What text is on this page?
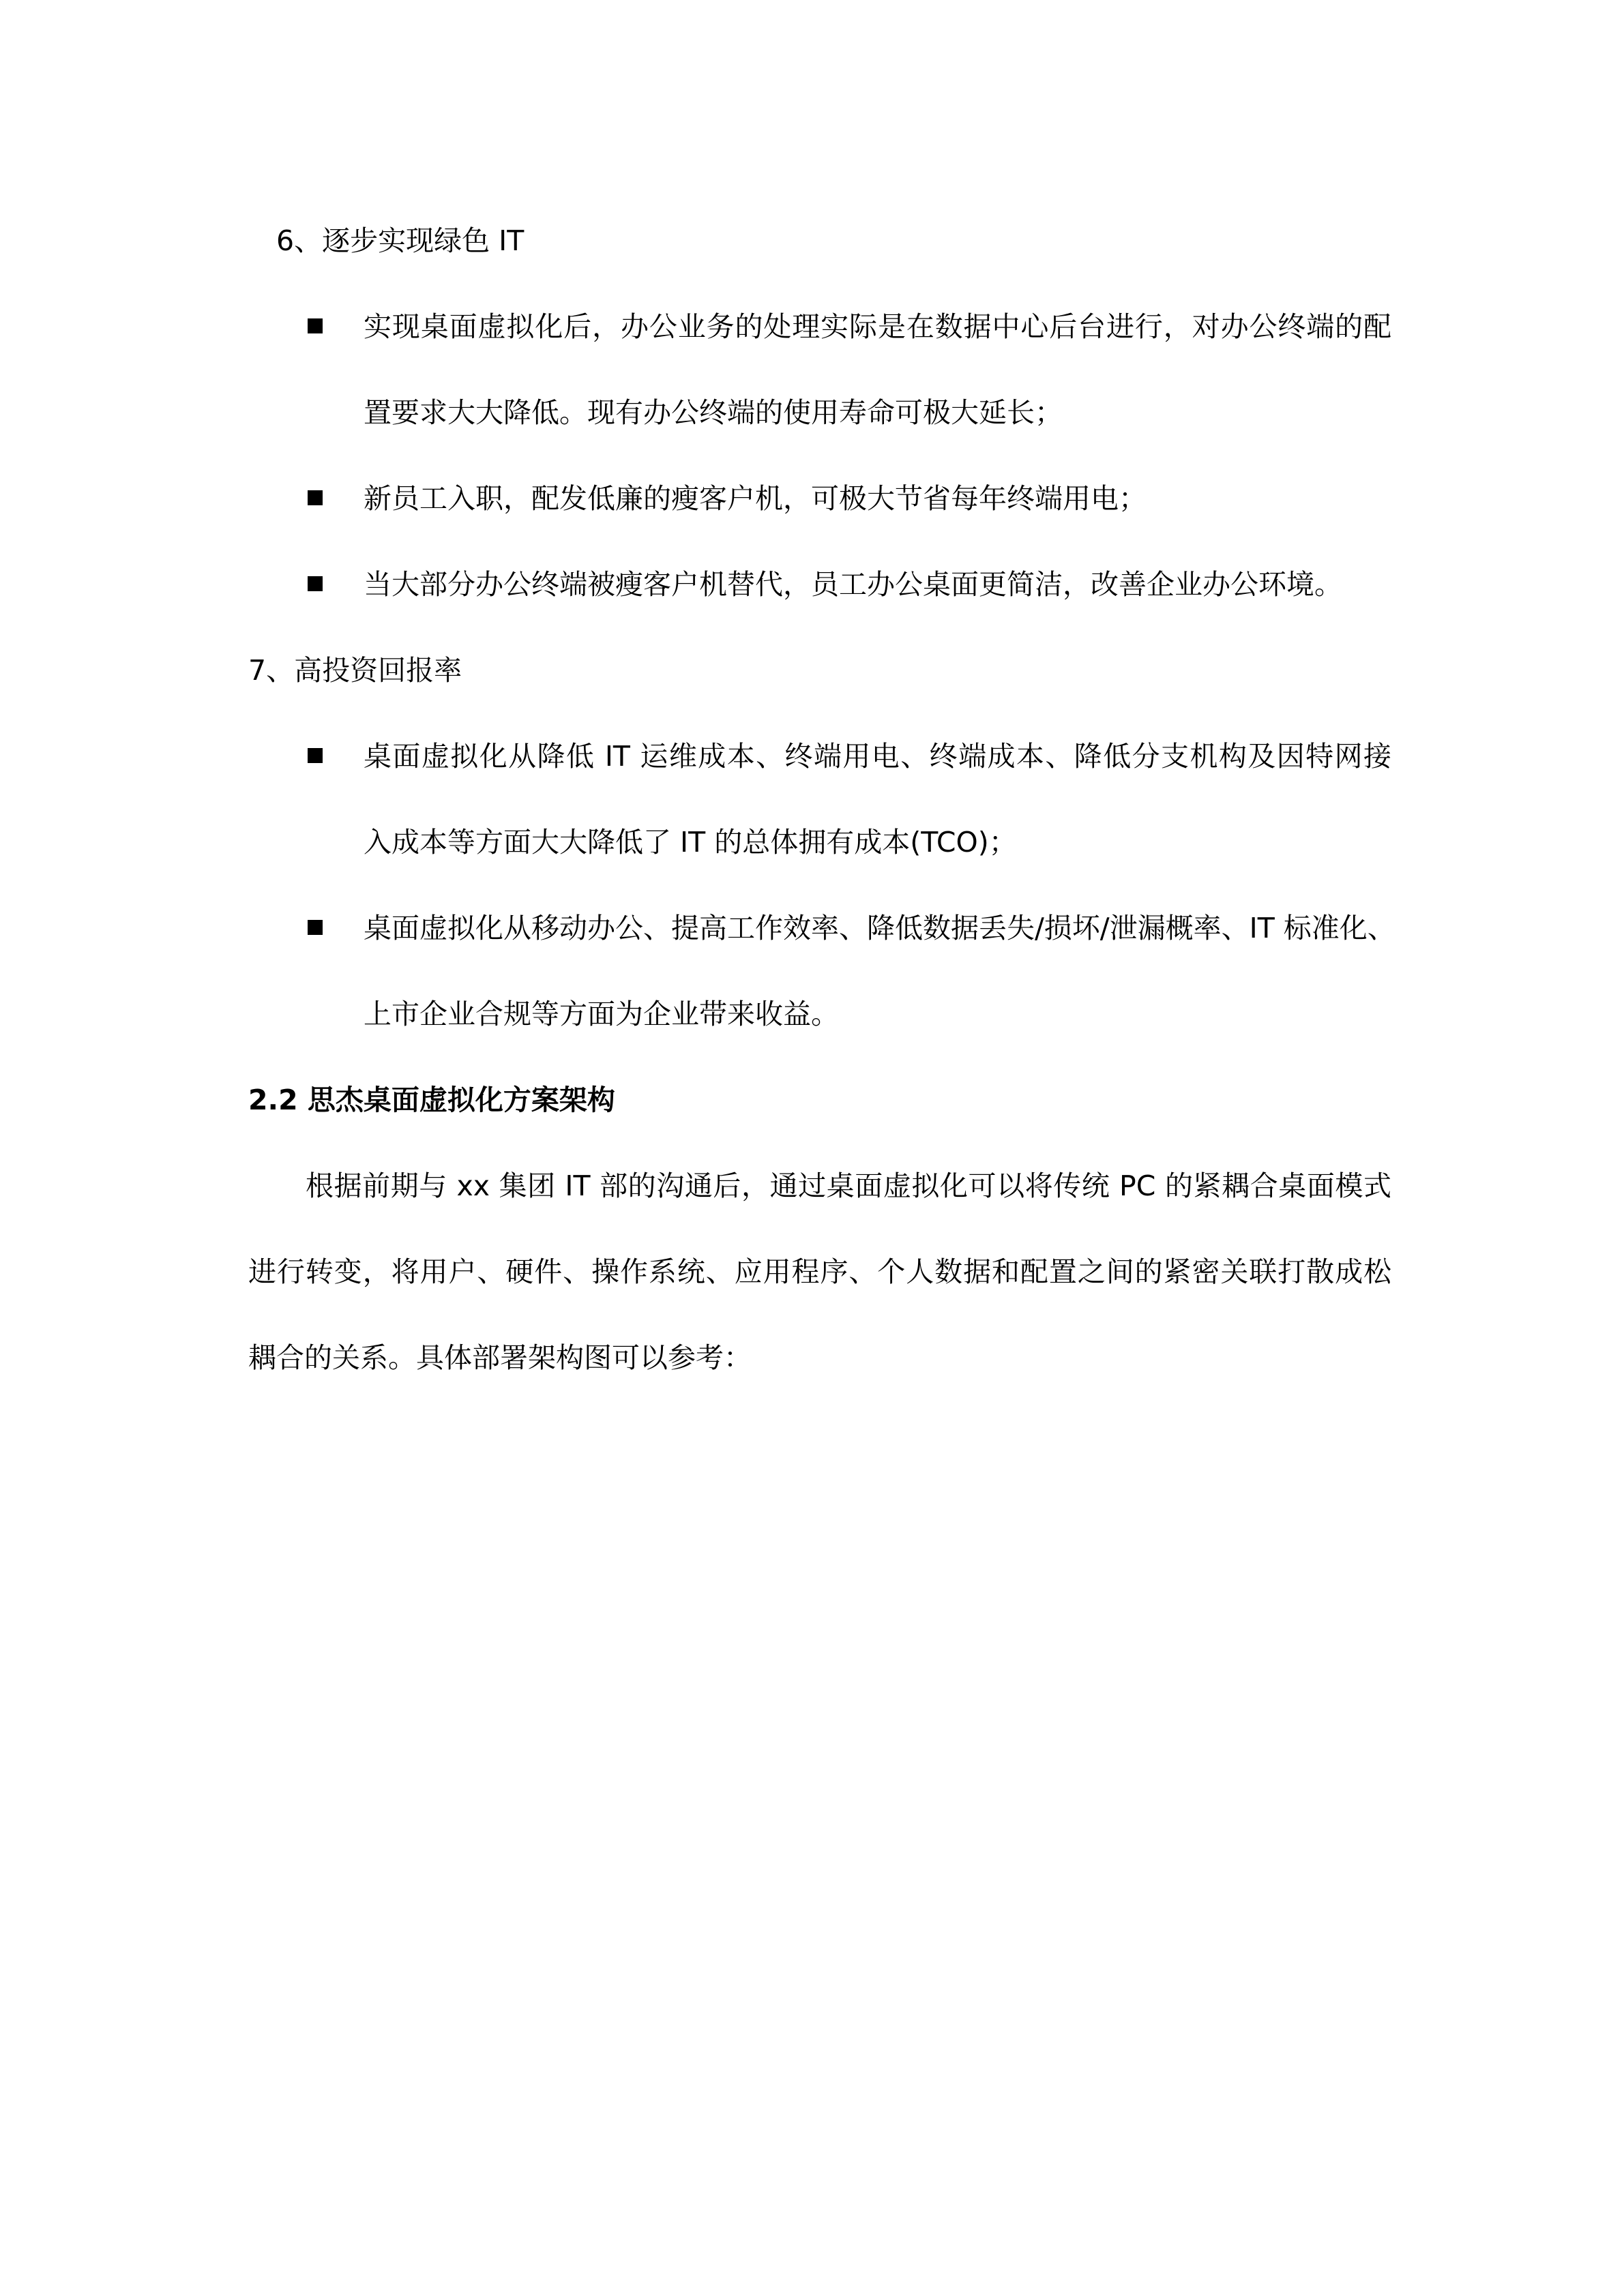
6、逐步实现绿色 IT
实现桌面虚拟化后，办公业务的处理实际是在数据中心后台进行，对办公终端的配
置要求大大降低。现有办公终端的使用寿命可极大延长；
新员工入职，配发低廉的瘦客户机，可极大节省每年终端用电；
当大部分办公终端被瘦客户机替代，员工办公桌面更简洁，改善企业办公环境。
7、高投资回报率
桌面虚拟化从降低 IT 运维成本、终端用电、终端成本、降低分支机构及因特网接
入成本等方面大大降低了 IT 的总体拥有成本(TCO)；
桌面虚拟化从移动办公、提高工作效率、降低数据丢失/损坏/泄漏概率、IT 标准化、
上市企业合规等方面为企业带来收益。
2.2 思杰桌面虚拟化方案架构
根据前期与 xx 集团 IT 部的沟通后，通过桌面虚拟化可以将传统 PC 的紧耦合桌面模式
进行转变，将用户、硬件、操作系统、应用程序、个人数据和配置之间的紧密关联打散成松
耦合的关系。具体部署架构图可以参考：
